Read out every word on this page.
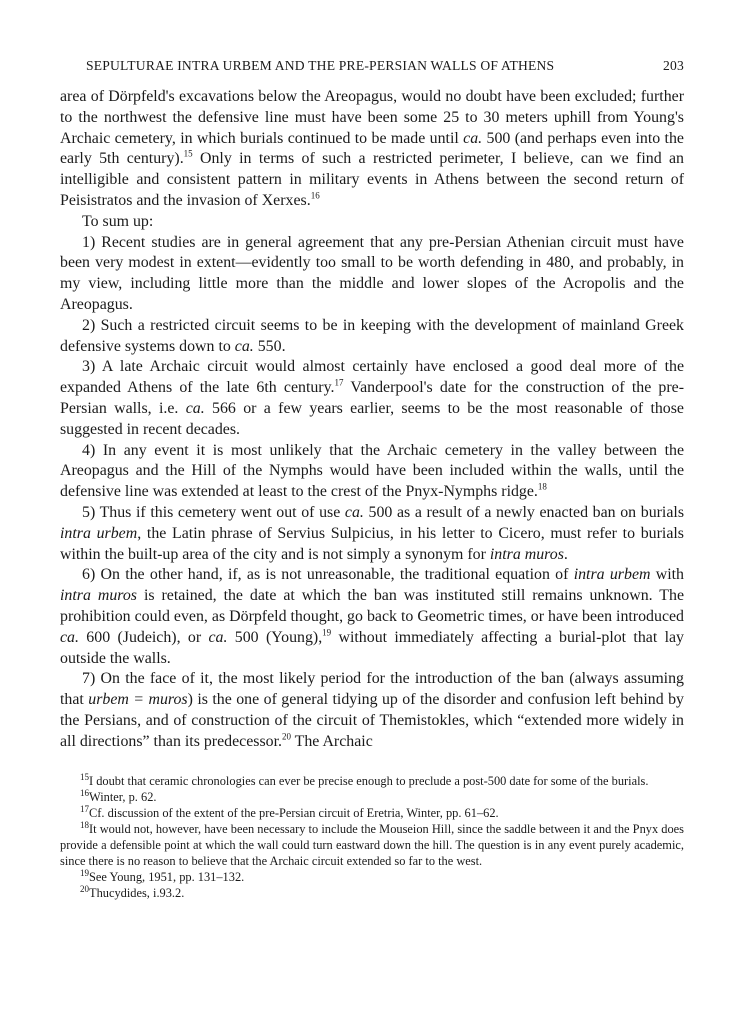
SEPULTURAE INTRA URBEM AND THE PRE-PERSIAN WALLS OF ATHENS	203

area of Dörpfeld's excavations below the Areopagus, would no doubt have been excluded; further to the northwest the defensive line must have been some 25 to 30 meters uphill from Young's Archaic cemetery, in which burials continued to be made until ca. 500 (and perhaps even into the early 5th century).$^{15}$ Only in terms of such a restricted perimeter, I believe, can we find an intelligible and consistent pattern in military events in Athens between the second return of Peisistratos and the invasion of Xerxes.$^{16}$

To sum up:

1) Recent studies are in general agreement that any pre-Persian Athenian circuit must have been very modest in extent—evidently too small to be worth defending in 480, and probably, in my view, including little more than the middle and lower slopes of the Acropolis and the Areopagus.

2) Such a restricted circuit seems to be in keeping with the development of mainland Greek defensive systems down to ca. 550.

3) A late Archaic circuit would almost certainly have enclosed a good deal more of the expanded Athens of the late 6th century.$^{17}$ Vanderpool's date for the construction of the pre-Persian walls, i.e. ca. 566 or a few years earlier, seems to be the most reasonable of those suggested in recent decades.

4) In any event it is most unlikely that the Archaic cemetery in the valley between the Areopagus and the Hill of the Nymphs would have been included within the walls, until the defensive line was extended at least to the crest of the Pnyx-Nymphs ridge.$^{18}$

5) Thus if this cemetery went out of use ca. 500 as a result of a newly enacted ban on burials intra urbem, the Latin phrase of Servius Sulpicius, in his letter to Cicero, must refer to burials within the built-up area of the city and is not simply a synonym for intra muros.

6) On the other hand, if, as is not unreasonable, the traditional equation of intra urbem with intra muros is retained, the date at which the ban was instituted still remains unknown. The prohibition could even, as Dörpfeld thought, go back to Geometric times, or have been introduced ca. 600 (Judeich), or ca. 500 (Young),$^{19}$ without immediately affecting a burial-plot that lay outside the walls.

7) On the face of it, the most likely period for the introduction of the ban (always assuming that urbem = muros) is the one of general tidying up of the disorder and confusion left behind by the Persians, and of construction of the circuit of Themistokles, which “extended more widely in all directions” than its predecessor.$^{20}$ The Archaic

$^{15}$I doubt that ceramic chronologies can ever be precise enough to preclude a post-500 date for some of the burials.

$^{16}$Winter, p. 62.

$^{17}$Cf. discussion of the extent of the pre-Persian circuit of Eretria, Winter, pp. 61–62.

$^{18}$It would not, however, have been necessary to include the Mouseion Hill, since the saddle between it and the Pnyx does provide a defensible point at which the wall could turn eastward down the hill. The question is in any event purely academic, since there is no reason to believe that the Archaic circuit extended so far to the west.

$^{19}$See Young, 1951, pp. 131–132.

$^{20}$Thucydides, i.93.2.
